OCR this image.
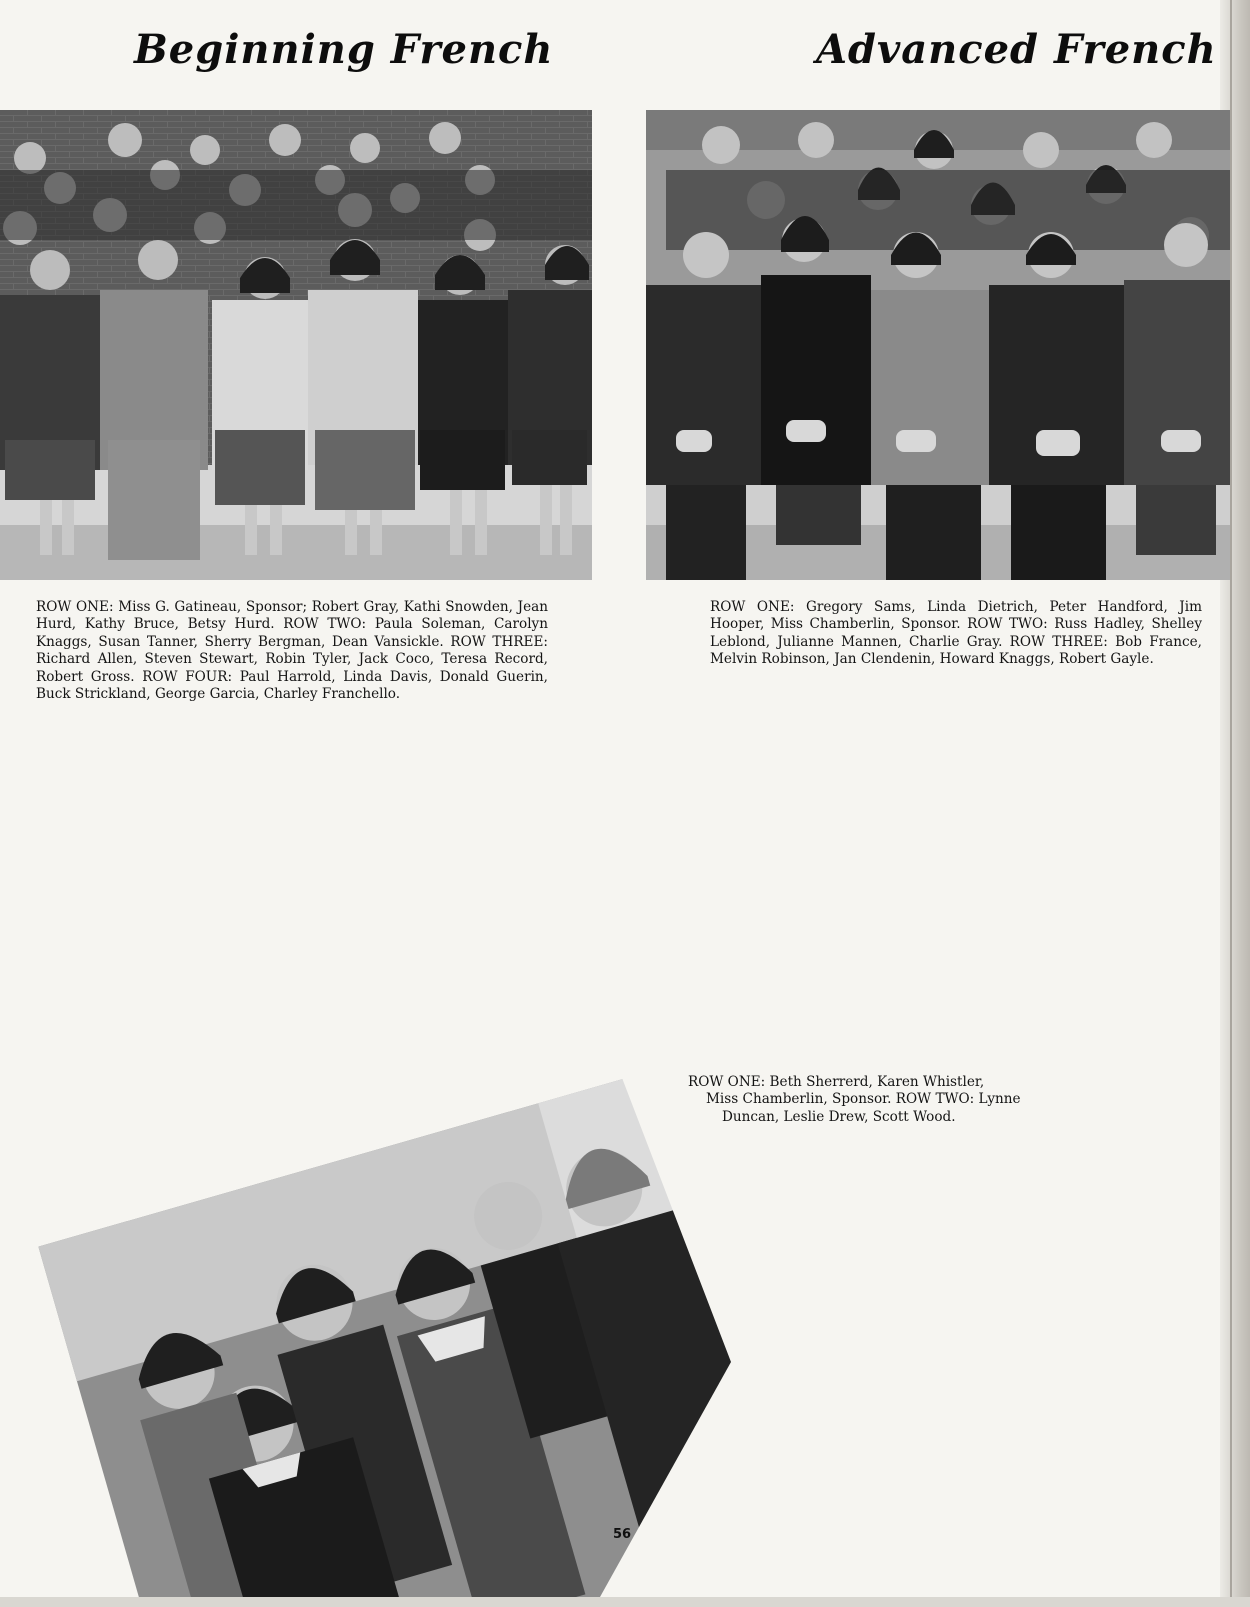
Beginning French

ROW ONE: Miss G. Gatineau, Sponsor; Robert Gray, Kathi Snowden, Jean Hurd, Kathy Bruce, Betsy Hurd. ROW TWO: Paula Soleman, Carolyn Knaggs, Susan Tanner, Sherry Bergman, Dean Vansickle. ROW THREE: Richard Allen, Steven Stewart, Robin Tyler, Jack Coco, Teresa Record, Robert Gross. ROW FOUR: Paul Harrold, Linda Davis, Donald Guerin, Buck Strickland, George Garcia, Charley Franchello.

Advanced French

ROW ONE: Gregory Sams, Linda Dietrich, Peter Handford, Jim Hooper, Miss Chamberlin, Sponsor. ROW TWO: Russ Hadley, Shelley Leblond, Julianne Mannen, Charlie Gray. ROW THREE: Bob France, Melvin Robinson, Jan Clendenin, Howard Knaggs, Robert Gayle.

ROW ONE: Beth Sherrerd, Karen Whistler,
Miss Chamberlin, Sponsor. ROW TWO: Lynne
Duncan, Leslie Drew, Scott Wood.

56
